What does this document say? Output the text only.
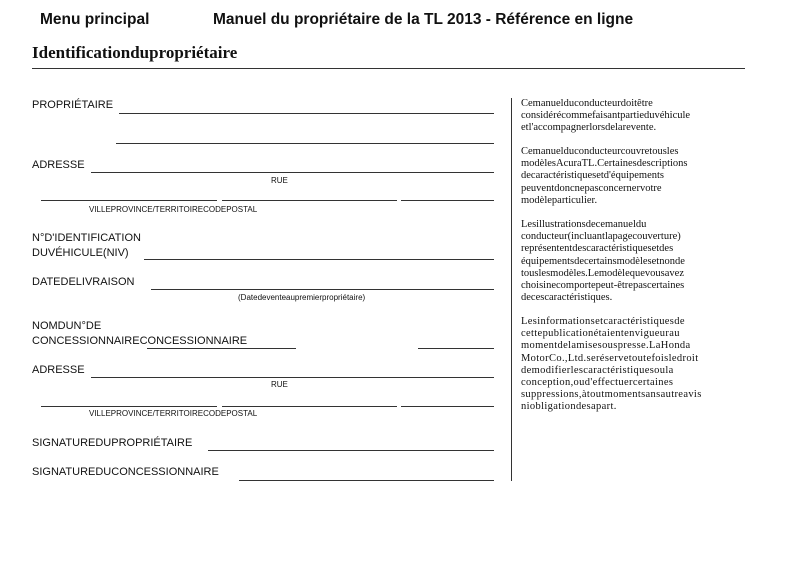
Menu principal	Manuel du propriétaire de la TL 2013 - Référence en ligne
Identificationdupropriétaire
PROPRIÉTAIRE
ADRESSE
RUE
VILLEPROVINCE/TERRITOIRECODEPOSTAL
N°D'IDENTIFICATION
DUVÉHICULE(NIV)
DATEDELIVRAISON
(Datedeventeaupremierpropriétaire)
NOMDUN°DE
CONCESSIONNAIRECONCESSIONNAIRE
ADRESSE
RUE
VILLEPROVINCE/TERRITOIRECODEPOSTAL
SIGNATUREDUPROPRIÉTAIRE
SIGNATUREDUCONCESSIONNAIRE
Cemanuelduconducteurdoitêtre
considérécommefaisantpartieduvéhicule
etl'accompagnerlorsdelarevente.
Cemanuelduconducteurcouvretousles
modèlesAcuraTL.Certainesdescriptions
decaractéristiquesetd'équipements
peuventdoncnepasconcernervotre
modèleparticulier.
Lesillustrationsdecemanueldu
conducteur(incluantlapagecouverture)
représententdescaractéristiquesetdes
équipementsdecertainsmodèlesetnonde
touslesmodèles.Lemodèlequevousavez
choisinecomportepeut-êtrepascertaines
decescaractéristiques.
Lesinformationsetcaractéristiquesde
cettepublicationétaientenvigueurau
momentdelamisesouspresse.LaHonda
MotorCo.,Ltd.seréservetoutefoisledroit
demodifierlescaractéristiquesoula
conception,oud'effectuercertaines
suppressions,àtoutmomentsansautreavis
niobligationdesapart.
